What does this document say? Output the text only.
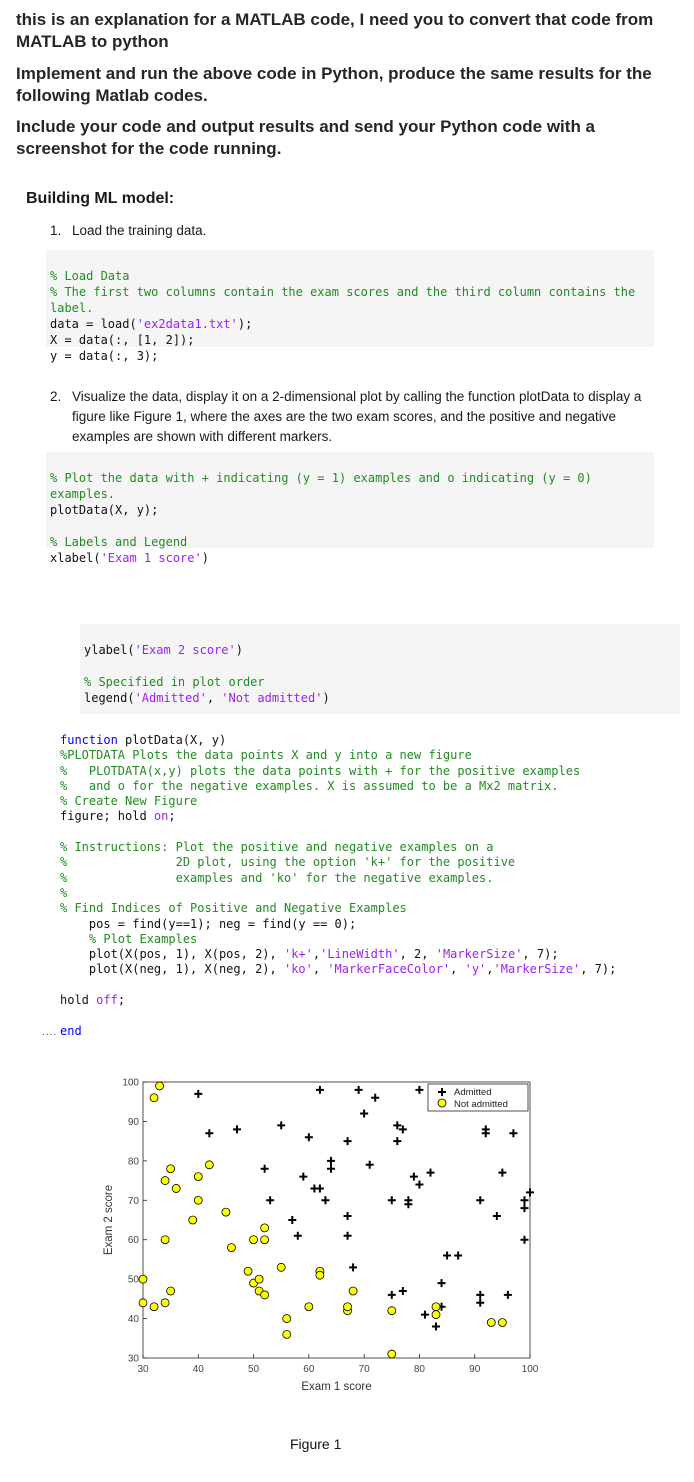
this is an explanation for a MATLAB code, I need you to convert that code from MATLAB to python
Implement and run the above code in Python, produce the same results for the following Matlab codes.
Include your code and output results and send your Python code with a screenshot for the code running.
Building ML model:
1. Load the training data.

% Load Data
% The first two columns contain the exam scores and the third column contains the label.
data = load('ex2data1.txt');
X = data(:, [1, 2]);
y = data(:, 3);

2. Visualize the data, display it on a 2-dimensional plot by calling the function plotData to display a figure like Figure 1, where the axes are the two exam scores, and the positive and negative examples are shown with different markers.

% Plot the data with + indicating (y = 1) examples and o indicating (y = 0) examples.
plotData(X, y);

% Labels and Legend
xlabel('Exam 1 score')

ylabel('Exam 2 score')

% Specified in plot order
legend('Admitted', 'Not admitted')

function plotData(X, y)
%PLOTDATA Plots the data points X and y into a new figure
%   PLOTDATA(x,y) plots the data points with + for the positive examples
%   and o for the negative examples. X is assumed to be a Mx2 matrix.
% Create New Figure
figure; hold on;

% Instructions: Plot the positive and negative examples on a
%               2D plot, using the option 'k+' for the positive
%               examples and 'ko' for the negative examples.
%
% Find Indices of Positive and Negative Examples
pos = find(y==1); neg = find(y == 0);
% Plot Examples
plot(X(pos, 1), X(pos, 2), 'k+','LineWidth', 2, 'MarkerSize', 7);
plot(X(neg, 1), X(neg, 2), 'ko', 'MarkerFaceColor', 'y','MarkerSize', 7);

hold off;

end
....
30	40	50	60	70	80	90	100
30
40
50
60
70
80
90
100
Exam 1 score
Exam 2 score
Admitted
Not admitted
Figure 1
